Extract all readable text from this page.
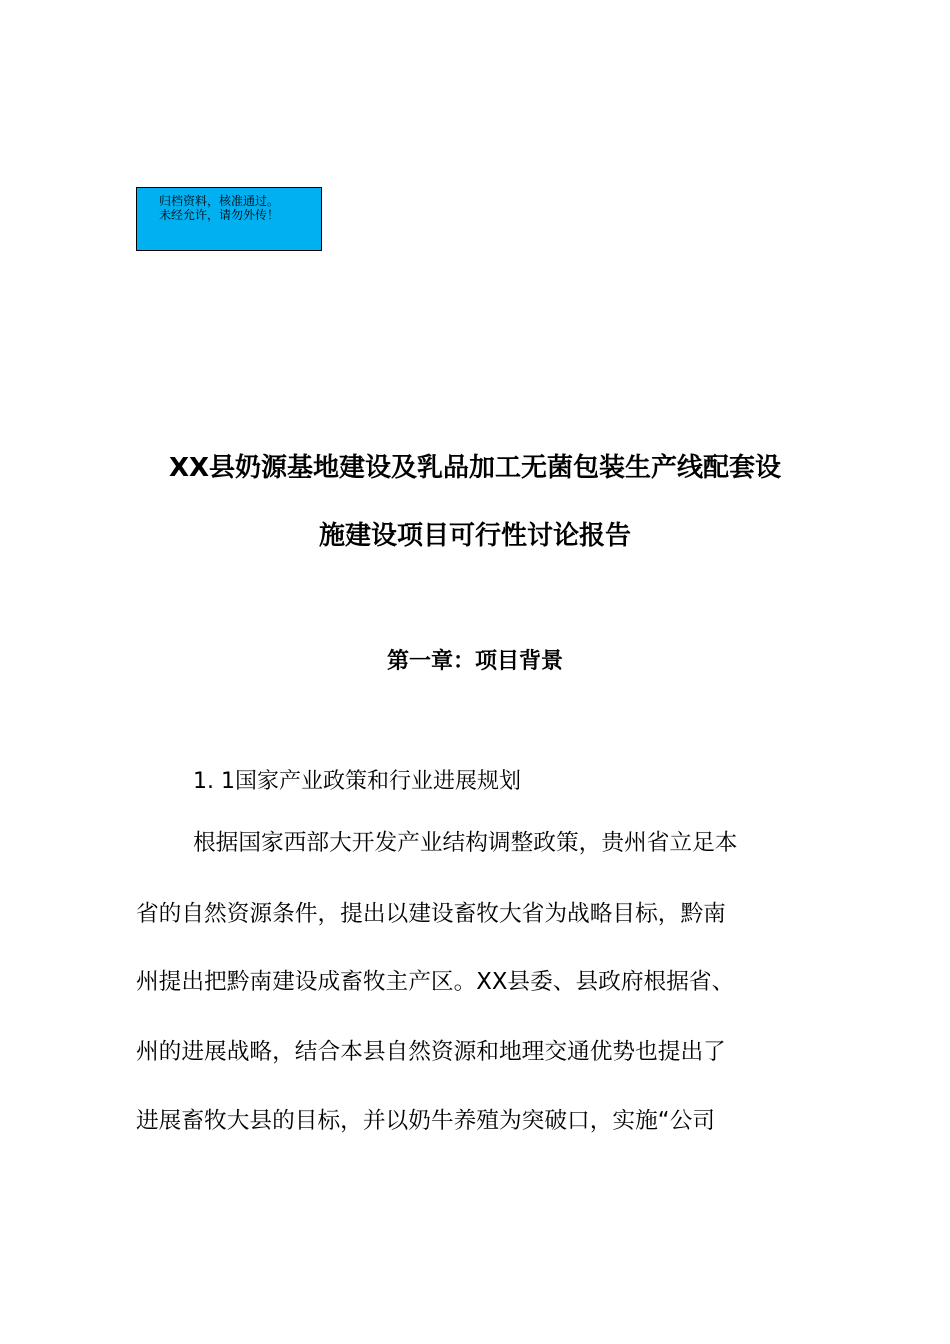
归档资料，核准通过。
未经允许，请勿外传！
XX县奶源基地建设及乳品加工无菌包装生产线配套设
施建设项目可行性讨论报告
第一章：项目背景
1. 1国家产业政策和行业进展规划
根据国家西部大开发产业结构调整政策，贵州省立足本
省的自然资源条件，提出以建设畜牧大省为战略目标，黔南
州提出把黔南建设成畜牧主产区。XX县委、县政府根据省、
州的进展战略，结合本县自然资源和地理交通优势也提出了
进展畜牧大县的目标，并以奶牛养殖为突破口，实施“公司
